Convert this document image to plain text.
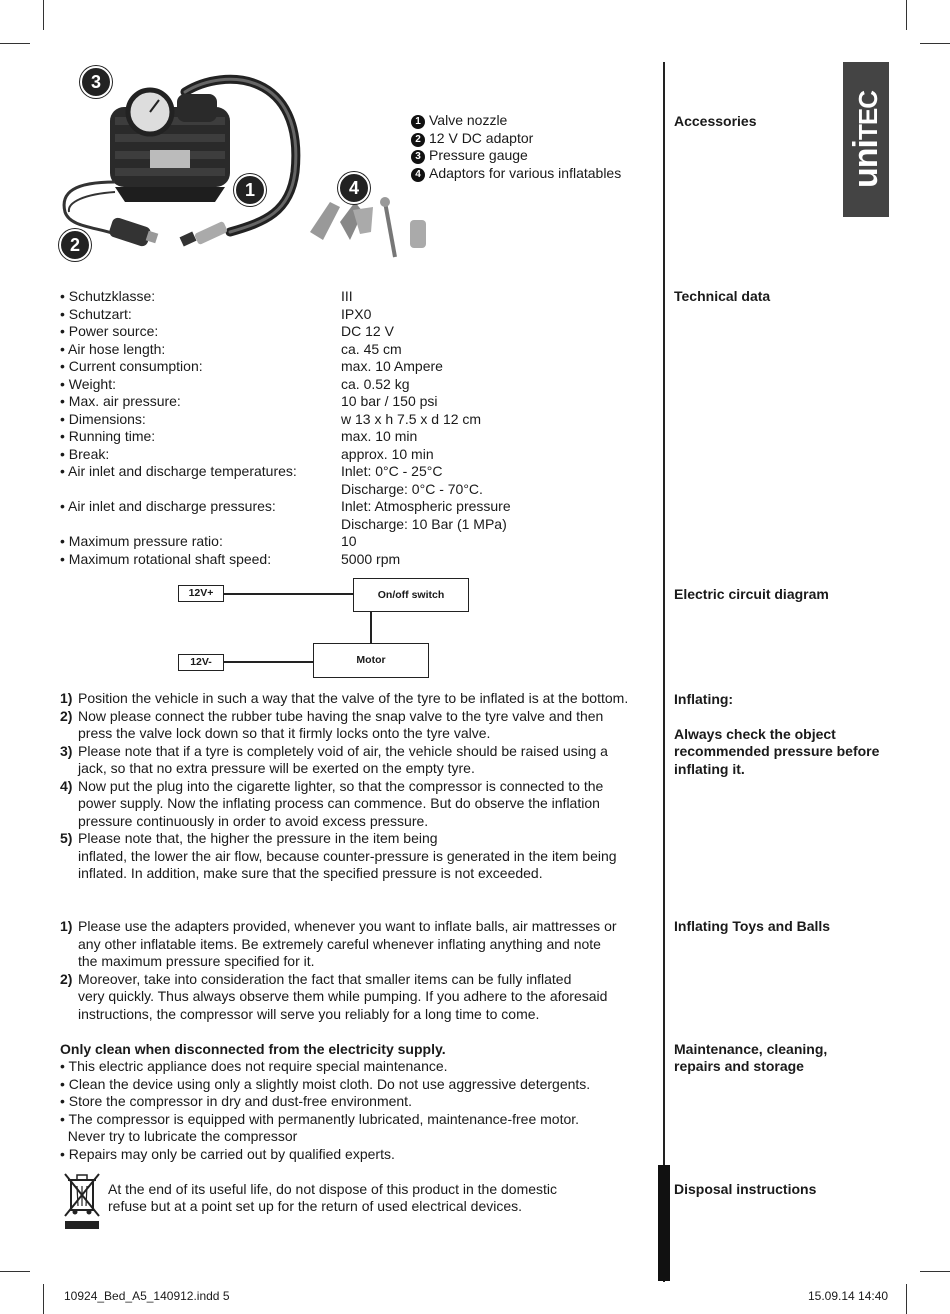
uniTEC
3
1	4
2
1 Valve nozzle
2 12 V DC adaptor
3 Pressure gauge
4 Adaptors for various inflatables
Accessories
Technical data
Electric circuit diagram
Inflating:
Always check the object
recommended pressure before
inflating it.
Inflating Toys and Balls
Maintenance, cleaning,
repairs and storage
Disposal instructions
• Schutzklasse:	III
• Schutzart:	IPX0
• Power source:	DC 12 V
• Air hose length:	ca. 45 cm
• Current consumption:	max. 10 Ampere
• Weight:	ca. 0.52 kg
• Max. air pressure:	10 bar / 150 psi
• Dimensions:	w 13 x h 7.5 x d 12 cm
• Running time:	max. 10 min
• Break:	approx. 10 min
• Air inlet and discharge temperatures:	Inlet: 0°C - 25°C
Discharge: 0°C - 70°C.
• Air inlet and discharge pressures:	Inlet: Atmospheric pressure
Discharge: 10 Bar (1 MPa)
• Maximum pressure ratio:	10
• Maximum rotational shaft speed:	5000 rpm
12V+	On/off switch
Motor
12V-
1) Position the vehicle in such a way that the valve of the tyre to be inflated is at the bottom.
2) Now please connect the rubber tube having the snap valve to the tyre valve and then
press the valve lock down so that it firmly locks onto the tyre valve.
3) Please note that if a tyre is completely void of air, the vehicle should be raised using a
jack, so that no extra pressure will be exerted on the empty tyre.
4) Now put the plug into the cigarette lighter, so that the compressor is connected to the
power supply. Now the inflating process can commence. But do observe the inflation
pressure continuously in order to avoid excess pressure.
5) Please note that, the higher the pressure in the item being
inflated, the lower the air flow, because counter-pressure is generated in the item being
inflated. In addition, make sure that the specified pressure is not exceeded.
1) Please use the adapters provided, whenever you want to inflate balls, air mattresses or
any other inflatable items. Be extremely careful whenever inflating anything and note
the maximum pressure specified for it.
2) Moreover, take into consideration the fact that smaller items can be fully inflated
very quickly. Thus always observe them while pumping. If you adhere to the aforesaid
instructions, the compressor will serve you reliably for a long time to come.
Only clean when disconnected from the electricity supply.
• This electric appliance does not require special maintenance.
• Clean the device using only a slightly moist cloth. Do not use aggressive detergents.
• Store the compressor in dry and dust-free environment.
• The compressor is equipped with permanently lubricated, maintenance-free motor.
Never try to lubricate the compressor
• Repairs may only be carried out by qualified experts.
At the end of its useful life, do not dispose of this product in the domestic
refuse but at a point set up for the return of used electrical devices.
10924_Bed_A5_140912.indd 5	15.09.14 14:40
